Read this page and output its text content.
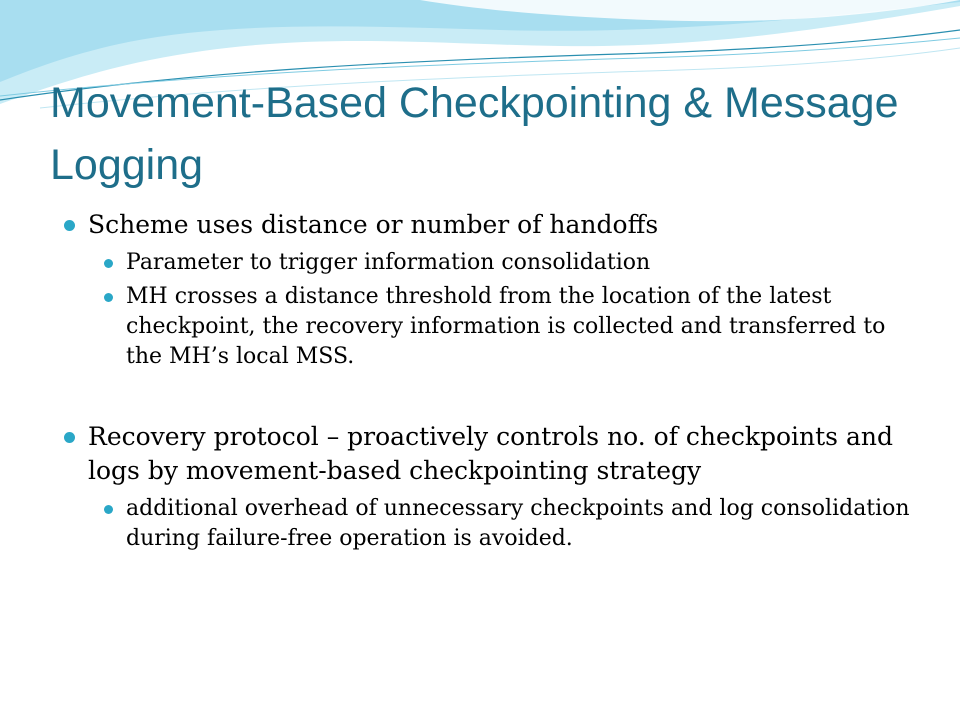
Movement-Based Checkpointing & Message Logging
Scheme uses distance or number of handoffs
Parameter to trigger information consolidation
MH crosses a distance threshold from the location of the latest checkpoint, the recovery information is collected and transferred to the MH’s local MSS.
Recovery protocol – proactively controls no. of checkpoints and logs by movement-based checkpointing strategy
additional overhead of unnecessary checkpoints and log consolidation during failure-free operation is avoided.
